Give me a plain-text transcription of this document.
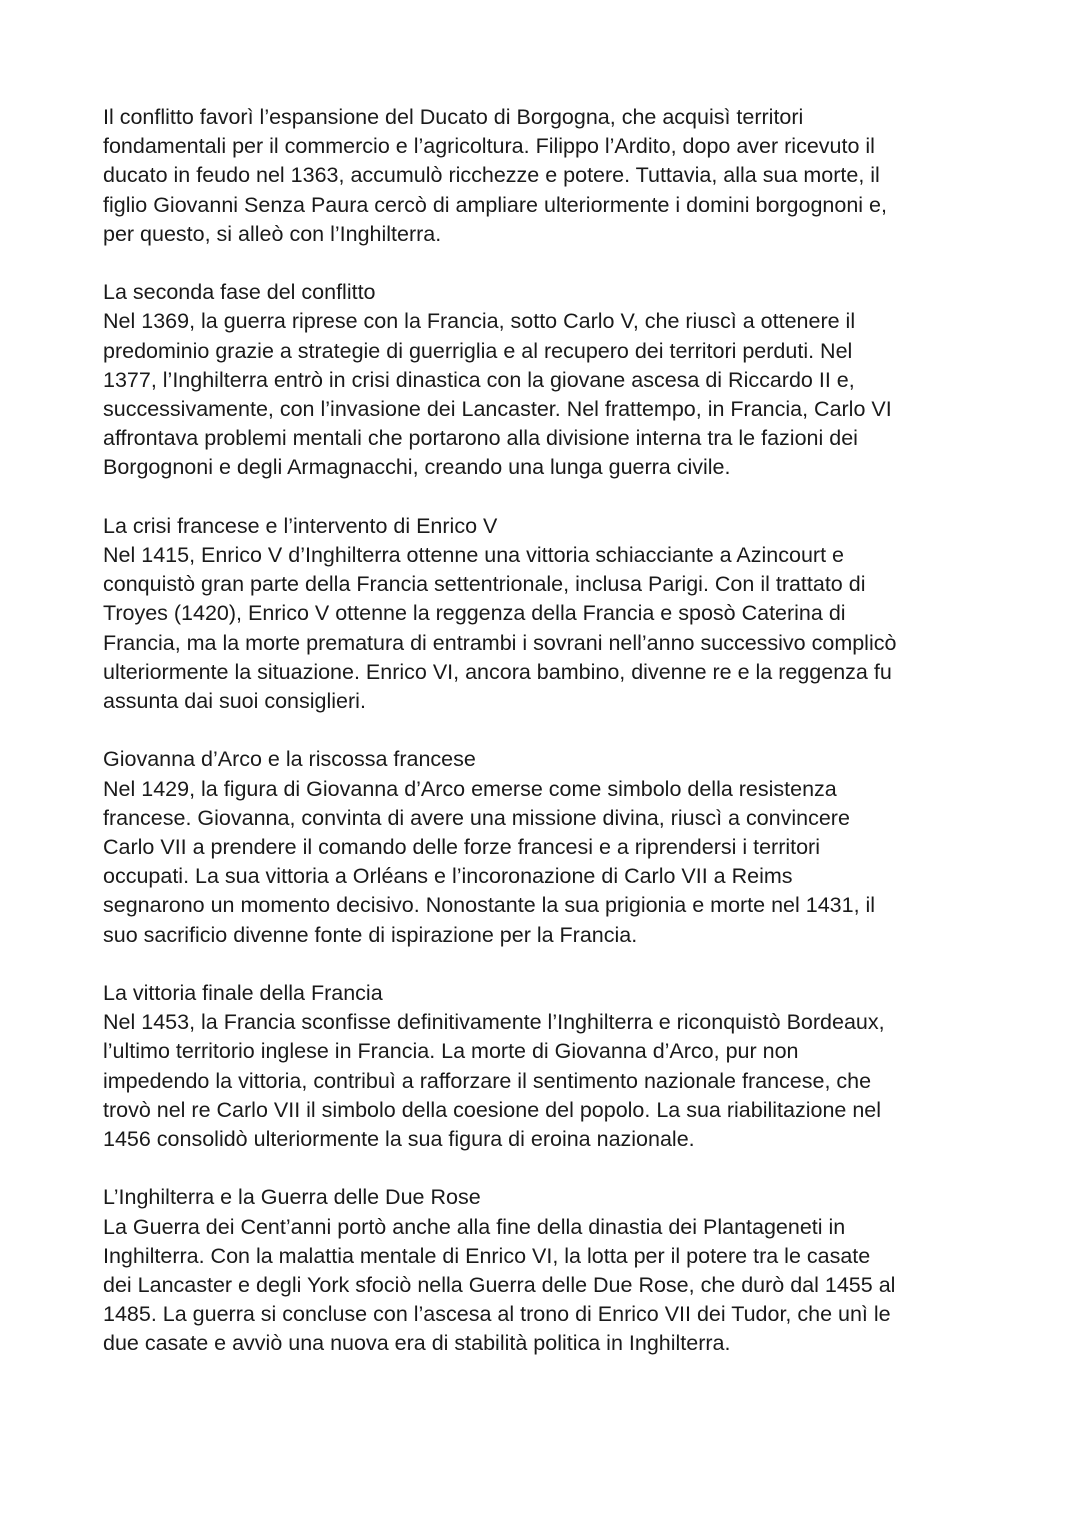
Il conflitto favorì l’espansione del Ducato di Borgogna, che acquisì territori
fondamentali per il commercio e l’agricoltura. Filippo l’Ardito, dopo aver ricevuto il
ducato in feudo nel 1363, accumulò ricchezze e potere. Tuttavia, alla sua morte, il
figlio Giovanni Senza Paura cercò di ampliare ulteriormente i domini borgognoni e,
per questo, si alleò con l’Inghilterra.
La seconda fase del conflitto
Nel 1369, la guerra riprese con la Francia, sotto Carlo V, che riuscì a ottenere il
predominio grazie a strategie di guerriglia e al recupero dei territori perduti. Nel
1377, l’Inghilterra entrò in crisi dinastica con la giovane ascesa di Riccardo II e,
successivamente, con l’invasione dei Lancaster. Nel frattempo, in Francia, Carlo VI
affrontava problemi mentali che portarono alla divisione interna tra le fazioni dei
Borgognoni e degli Armagnacchi, creando una lunga guerra civile.
La crisi francese e l’intervento di Enrico V
Nel 1415, Enrico V d’Inghilterra ottenne una vittoria schiacciante a Azincourt e
conquistò gran parte della Francia settentrionale, inclusa Parigi. Con il trattato di
Troyes (1420), Enrico V ottenne la reggenza della Francia e sposò Caterina di
Francia, ma la morte prematura di entrambi i sovrani nell’anno successivo complicò
ulteriormente la situazione. Enrico VI, ancora bambino, divenne re e la reggenza fu
assunta dai suoi consiglieri.
Giovanna d’Arco e la riscossa francese
Nel 1429, la figura di Giovanna d’Arco emerse come simbolo della resistenza
francese. Giovanna, convinta di avere una missione divina, riuscì a convincere
Carlo VII a prendere il comando delle forze francesi e a riprendersi i territori
occupati. La sua vittoria a Orléans e l’incoronazione di Carlo VII a Reims
segnarono un momento decisivo. Nonostante la sua prigionia e morte nel 1431, il
suo sacrificio divenne fonte di ispirazione per la Francia.
La vittoria finale della Francia
Nel 1453, la Francia sconfisse definitivamente l’Inghilterra e riconquistò Bordeaux,
l’ultimo territorio inglese in Francia. La morte di Giovanna d’Arco, pur non
impedendo la vittoria, contribuì a rafforzare il sentimento nazionale francese, che
trovò nel re Carlo VII il simbolo della coesione del popolo. La sua riabilitazione nel
1456 consolidò ulteriormente la sua figura di eroina nazionale.
L’Inghilterra e la Guerra delle Due Rose
La Guerra dei Cent’anni portò anche alla fine della dinastia dei Plantageneti in
Inghilterra. Con la malattia mentale di Enrico VI, la lotta per il potere tra le casate
dei Lancaster e degli York sfociò nella Guerra delle Due Rose, che durò dal 1455 al
1485. La guerra si concluse con l’ascesa al trono di Enrico VII dei Tudor, che unì le
due casate e avviò una nuova era di stabilità politica in Inghilterra.
